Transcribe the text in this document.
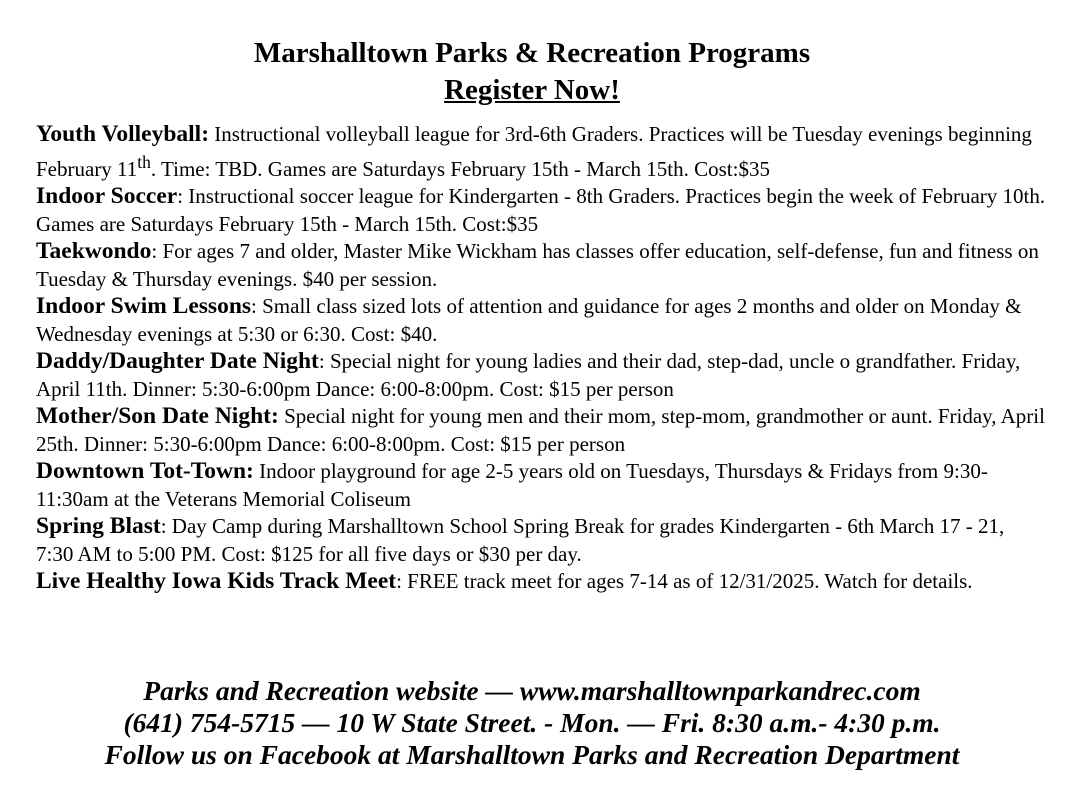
Marshalltown Parks & Recreation Programs
Register Now!
Youth Volleyball: Instructional volleyball league for 3rd-6th Graders. Practices will be Tuesday evenings beginning February 11th. Time: TBD. Games are Saturdays February 15th - March 15th. Cost:$35
Indoor Soccer: Instructional soccer league for Kindergarten - 8th Graders. Practices begin the week of February 10th. Games are Saturdays February 15th - March 15th. Cost:$35
Taekwondo: For ages 7 and older, Master Mike Wickham has classes offer education, self-defense, fun and fitness on Tuesday & Thursday evenings. $40 per session.
Indoor Swim Lessons: Small class sized lots of attention and guidance for ages 2 months and older on Monday & Wednesday evenings at 5:30 or 6:30. Cost: $40.
Daddy/Daughter Date Night: Special night for young ladies and their dad, step-dad, uncle o grandfather. Friday, April 11th. Dinner: 5:30-6:00pm Dance: 6:00-8:00pm. Cost: $15 per person
Mother/Son Date Night: Special night for young men and their mom, step-mom, grandmother or aunt. Friday, April 25th. Dinner: 5:30-6:00pm Dance: 6:00-8:00pm. Cost: $15 per person
Downtown Tot-Town: Indoor playground for age 2-5 years old on Tuesdays, Thursdays & Fridays from 9:30-11:30am at the Veterans Memorial Coliseum
Spring Blast: Day Camp during Marshalltown School Spring Break for grades Kindergarten - 6th March 17 - 21, 7:30 AM to 5:00 PM. Cost: $125 for all five days or $30 per day.
Live Healthy Iowa Kids Track Meet: FREE track meet for ages 7-14 as of 12/31/2025. Watch for details.
Parks and Recreation website — www.marshalltownparkandrec.com
(641) 754-5715 — 10 W State Street. - Mon. — Fri. 8:30 a.m.- 4:30 p.m.
Follow us on Facebook at Marshalltown Parks and Recreation Department
